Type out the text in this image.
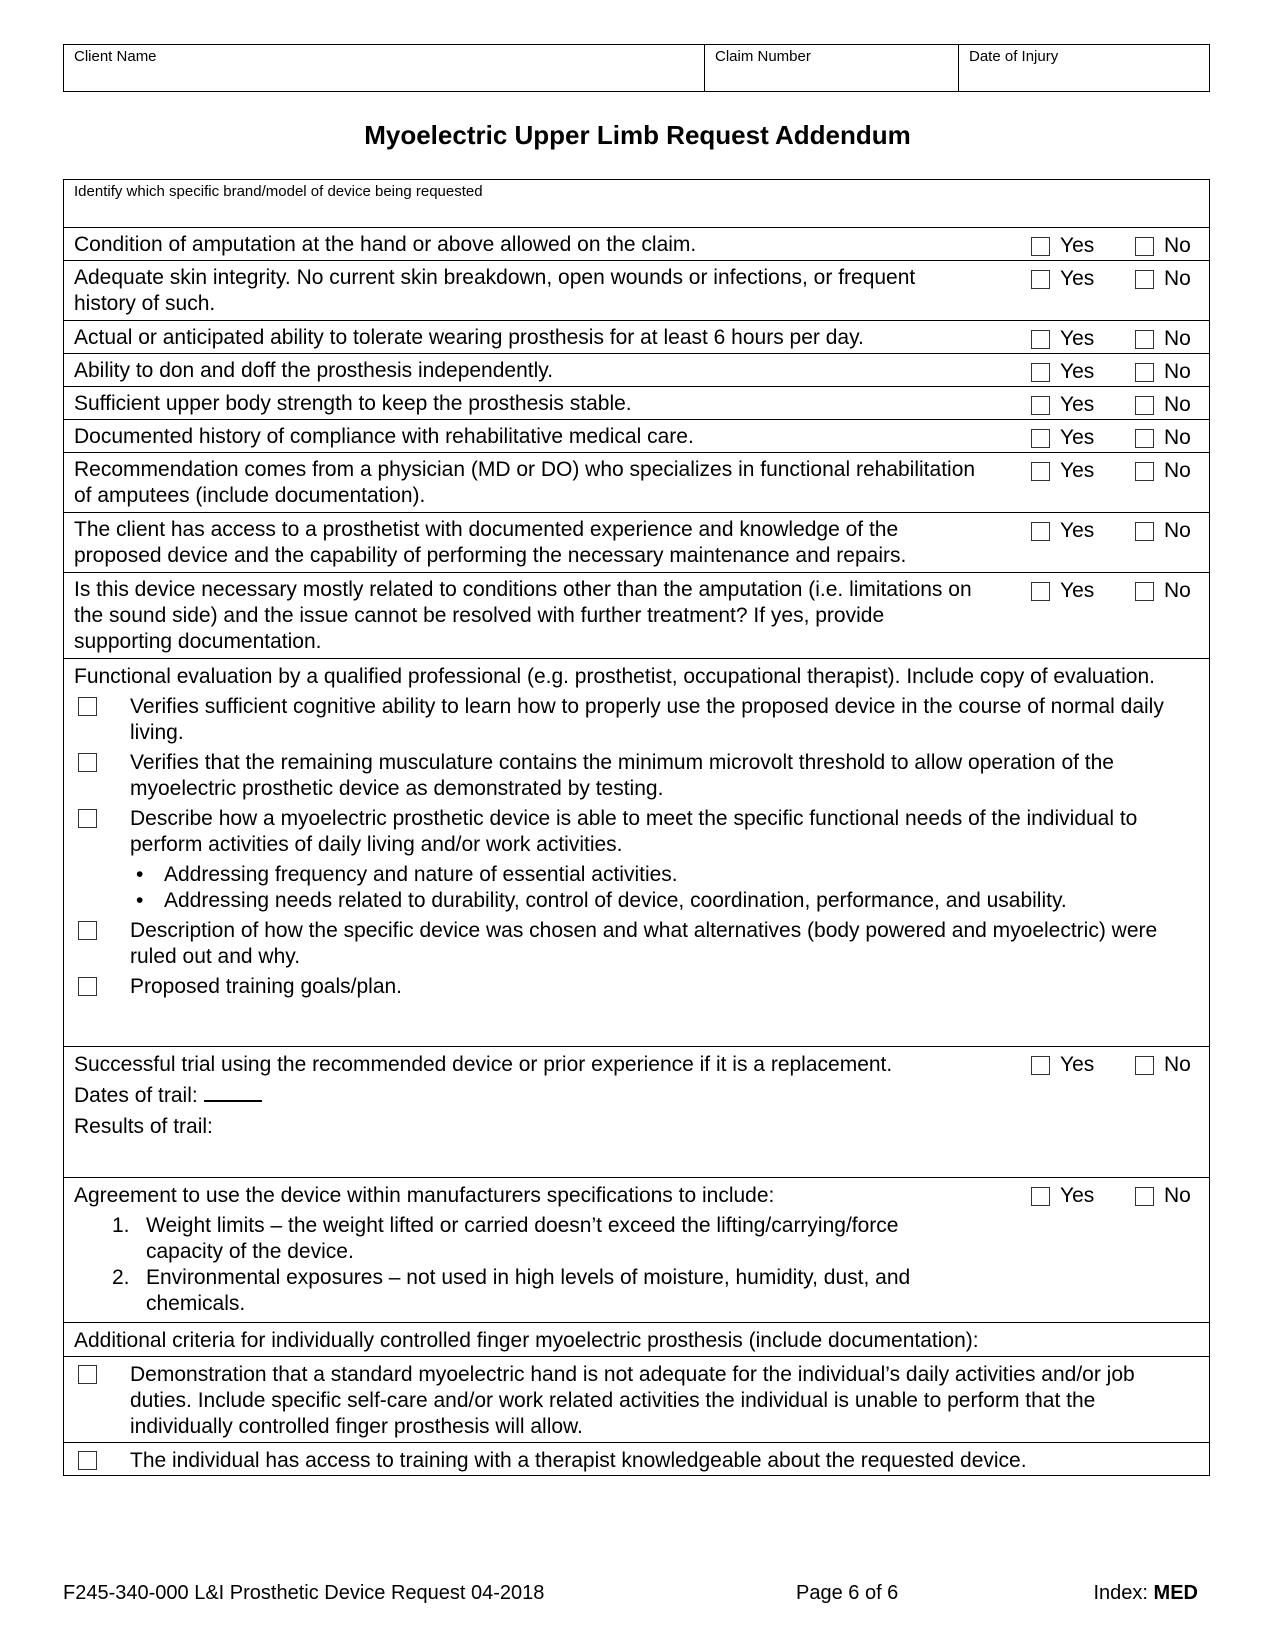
Client Name	Claim Number	Date of Injury
Myoelectric Upper Limb Request Addendum
Identify which specific brand/model of device being requested
Condition of amputation at the hand or above allowed on the claim.	Yes	No
Adequate skin integrity. No current skin breakdown, open wounds or infections, or frequent history of such.
Yes	No
Actual or anticipated ability to tolerate wearing prosthesis for at least 6 hours per day.	Yes	No
Ability to don and doff the prosthesis independently.	Yes	No
Sufficient upper body strength to keep the prosthesis stable.	Yes	No
Documented history of compliance with rehabilitative medical care.	Yes	No
Recommendation comes from a physician (MD or DO) who specializes in functional rehabilitation of amputees (include documentation).
Yes	No
The client has access to a prosthetist with documented experience and knowledge of the proposed device and the capability of performing the necessary maintenance and repairs.
Yes	No
Is this device necessary mostly related to conditions other than the amputation (i.e. limitations on the sound side) and the issue cannot be resolved with further treatment? If yes, provide supporting documentation.
Yes	No
Functional evaluation by a qualified professional (e.g. prosthetist, occupational therapist). Include copy of evaluation.
Verifies sufficient cognitive ability to learn how to properly use the proposed device in the course of normal daily living.
Verifies that the remaining musculature contains the minimum microvolt threshold to allow operation of the myoelectric prosthetic device as demonstrated by testing.
Describe how a myoelectric prosthetic device is able to meet the specific functional needs of the individual to perform activities of daily living and/or work activities.
• Addressing frequency and nature of essential activities.
• Addressing needs related to durability, control of device, coordination, performance, and usability.
Description of how the specific device was chosen and what alternatives (body powered and myoelectric) were ruled out and why.
Proposed training goals/plan.
Successful trial using the recommended device or prior experience if it is a replacement.	Yes	No
Dates of trail:
Results of trail:
Agreement to use the device within manufacturers specifications to include:	Yes	No
1. Weight limits – the weight lifted or carried doesn’t exceed the lifting/carrying/force capacity of the device.
2. Environmental exposures – not used in high levels of moisture, humidity, dust, and chemicals.
Additional criteria for individually controlled finger myoelectric prosthesis (include documentation):
Demonstration that a standard myoelectric hand is not adequate for the individual’s daily activities and/or job duties. Include specific self-care and/or work related activities the individual is unable to perform that the individually controlled finger prosthesis will allow.
The individual has access to training with a therapist knowledgeable about the requested device.
F245-340-000 L&I Prosthetic Device Request 04-2018	Page 6 of 6	Index: MED
